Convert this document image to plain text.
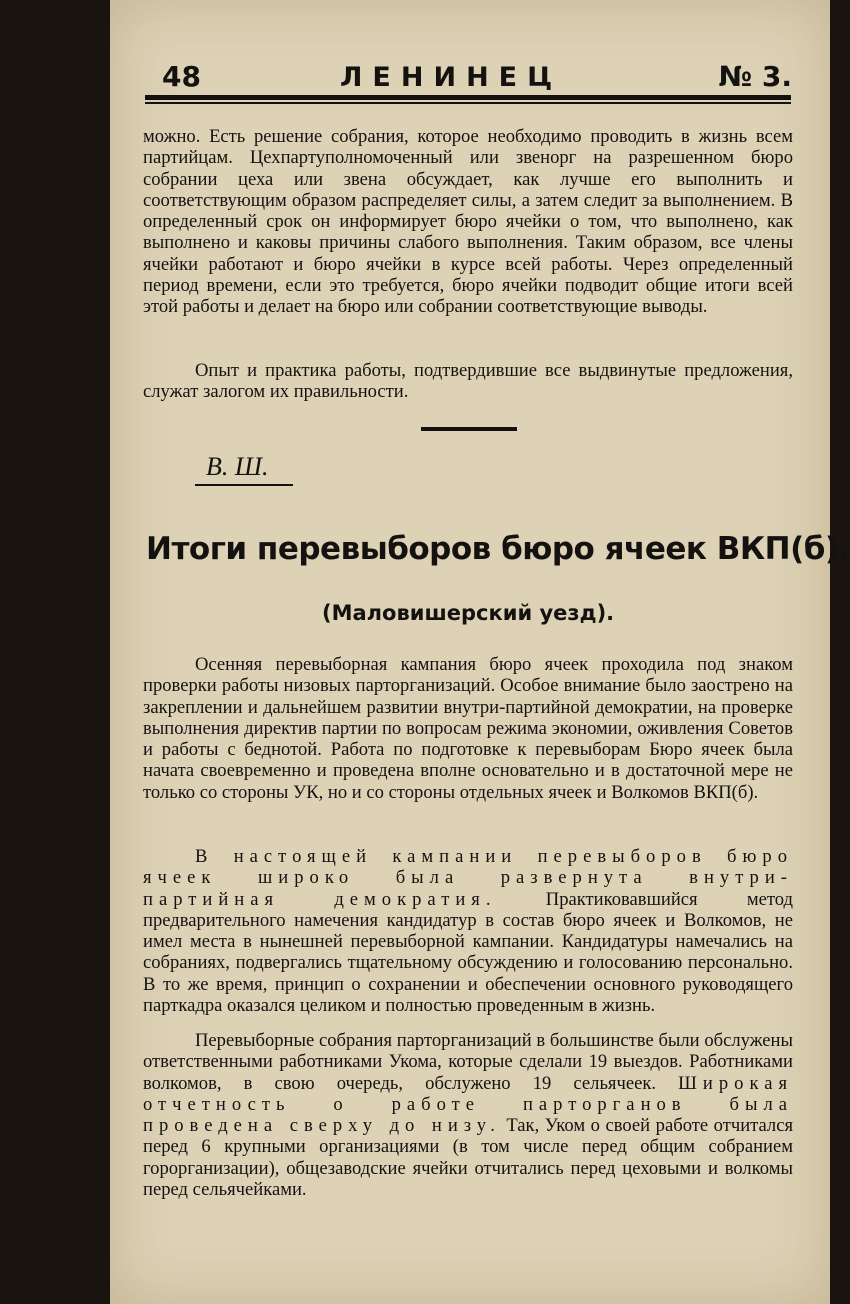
48	ЛЕНИНЕЦ	№ 3.

можно. Есть решение собрания, которое необходимо проводить в жизнь всем партийцам. Цехпартуполномоченный или звенорг на разрешенном бюро собрании цеха или звена обсуждает, как лучше его выполнить и соответствующим образом распределяет силы, а затем следит за выполнением. В определенный срок он информирует бюро ячейки о том, что выполнено, как выполнено и каковы причины слабого выполнения. Таким образом, все члены ячейки работают и бюро ячейки в курсе всей работы. Через определенный период времени, если это требуется, бюро ячейки подводит общие итоги всей этой работы и делает на бюро или собрании соответствующие выводы.

Опыт и практика работы, подтвердившие все выдвинутые предложения, служат залогом их правильности.

В. Ш.
Итоги перевыборов бюро ячеек ВКП(б).
(Маловишерский уезд).

Осенняя перевыборная кампания бюро ячеек проходила под знаком проверки работы низовых парторганизаций. Особое внимание было заострено на закреплении и дальнейшем развитии внутри-партийной демократии, на проверке выполнения директив партии по вопросам режима экономии, оживления Советов и работы с беднотой. Работа по подготовке к перевыборам Бюро ячеек была начата своевременно и проведена вполне основательно и в достаточной мере не только со стороны УК, но и со стороны отдельных ячеек и Волкомов ВКП(б).

В настоящей кампании перевыборов бюро ячеек широко была развернута внутри-партийная демократия. Практиковавшийся метод предварительного намечения кандидатур в состав бюро ячеек и Волкомов, не имел места в нынешней перевыборной кампании. Кандидатуры намечались на собраниях, подвергались тщательному обсуждению и голосованию персонально. В то же время, принцип о сохранении и обеспечении основного руководящего парткадра оказался целиком и полностью проведенным в жизнь.

Перевыборные собрания парторганизаций в большинстве были обслужены ответственными работниками Укома, которые сделали 19 выездов. Работниками волкомов, в свою очередь, обслужено 19 сельячеек. Широкая отчетность о работе парторганов была проведена сверху до низу. Так, Уком о своей работе отчитался перед 6 крупными организациями (в том числе перед общим собранием горорганизации), общезаводские ячейки отчитались перед цеховыми и волкомы перед сельячейками.
